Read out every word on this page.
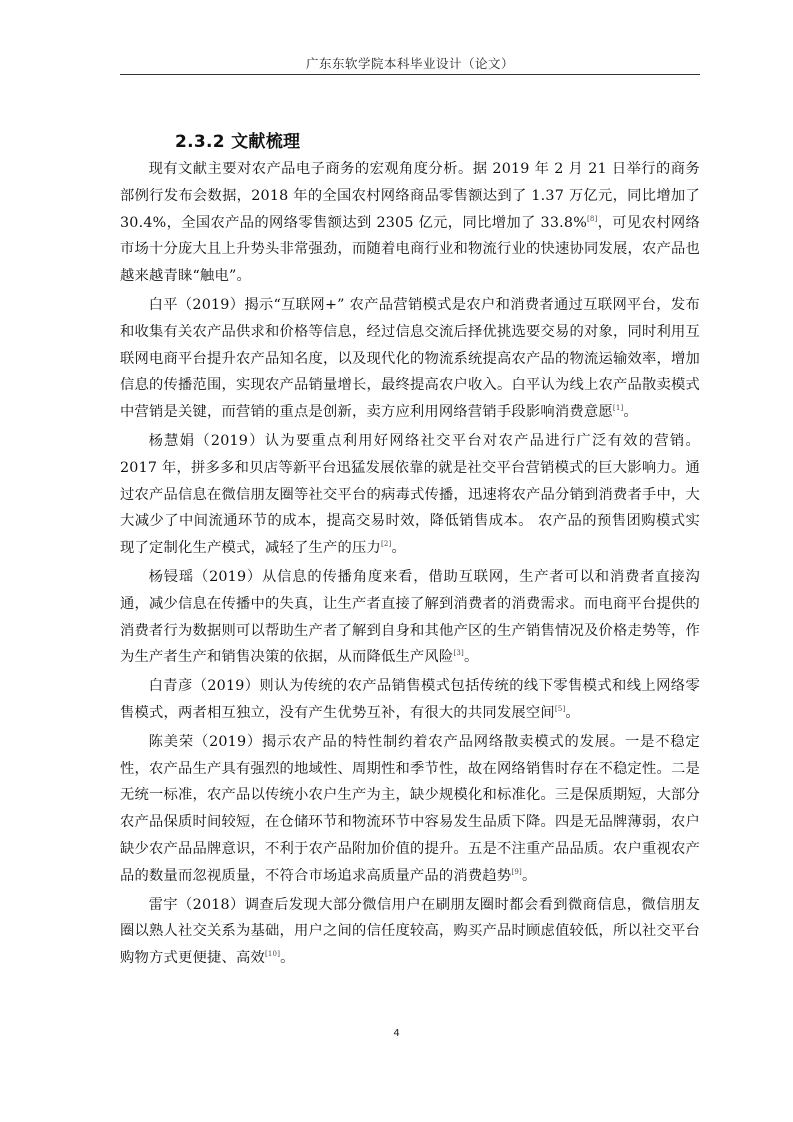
广东东软学院本科毕业设计（论文）
2.3.2 文献梳理

现有文献主要对农产品电子商务的宏观角度分析。据 2019 年 2 月 21 日举行的商务部例行发布会数据，2018 年的全国农村网络商品零售额达到了 1.37 万亿元，同比增加了 30.4%，全国农产品的网络零售额达到 2305 亿元，同比增加了 33.8%[8]，可见农村网络市场十分庞大且上升势头非常强劲，而随着电商行业和物流行业的快速协同发展，农产品也越来越青睐“触电”。

白平（2019）揭示“互联网+” 农产品营销模式是农户和消费者通过互联网平台，发布和收集有关农产品供求和价格等信息，经过信息交流后择优挑选要交易的对象，同时利用互联网电商平台提升农产品知名度，以及现代化的物流系统提高农产品的物流运输效率，增加信息的传播范围，实现农产品销量增长，最终提高农户收入。白平认为线上农产品散卖模式中营销是关键，而营销的重点是创新，卖方应利用网络营销手段影响消费意愿[1]。

杨慧娟（2019）认为要重点利用好网络社交平台对农产品进行广泛有效的营销。2017 年，拼多多和贝店等新平台迅猛发展依靠的就是社交平台营销模式的巨大影响力。通过农产品信息在微信朋友圈等社交平台的病毒式传播，迅速将农产品分销到消费者手中，大大减少了中间流通环节的成本，提高交易时效，降低销售成本。 农产品的预售团购模式实现了定制化生产模式，减轻了生产的压力[2]。

杨锓瑶（2019）从信息的传播角度来看，借助互联网，生产者可以和消费者直接沟通，减少信息在传播中的失真，让生产者直接了解到消费者的消费需求。而电商平台提供的消费者行为数据则可以帮助生产者了解到自身和其他产区的生产销售情况及价格走势等，作为生产者生产和销售决策的依据，从而降低生产风险[3]。

白青彦（2019）则认为传统的农产品销售模式包括传统的线下零售模式和线上网络零售模式，两者相互独立，没有产生优势互补，有很大的共同发展空间[5]。

陈美荣（2019）揭示农产品的特性制约着农产品网络散卖模式的发展。一是不稳定性，农产品生产具有强烈的地域性、周期性和季节性，故在网络销售时存在不稳定性。二是无统一标准，农产品以传统小农户生产为主，缺少规模化和标准化。三是保质期短，大部分农产品保质时间较短，在仓储环节和物流环节中容易发生品质下降。四是无品牌薄弱，农户缺少农产品品牌意识，不利于农产品附加价值的提升。五是不注重产品品质。农户重视农产品的数量而忽视质量，不符合市场追求高质量产品的消费趋势[9]。

雷宇（2018）调查后发现大部分微信用户在刷朋友圈时都会看到微商信息，微信朋友圈以熟人社交关系为基础，用户之间的信任度较高，购买产品时顾虑值较低，所以社交平台购物方式更便捷、高效[10]。

4
